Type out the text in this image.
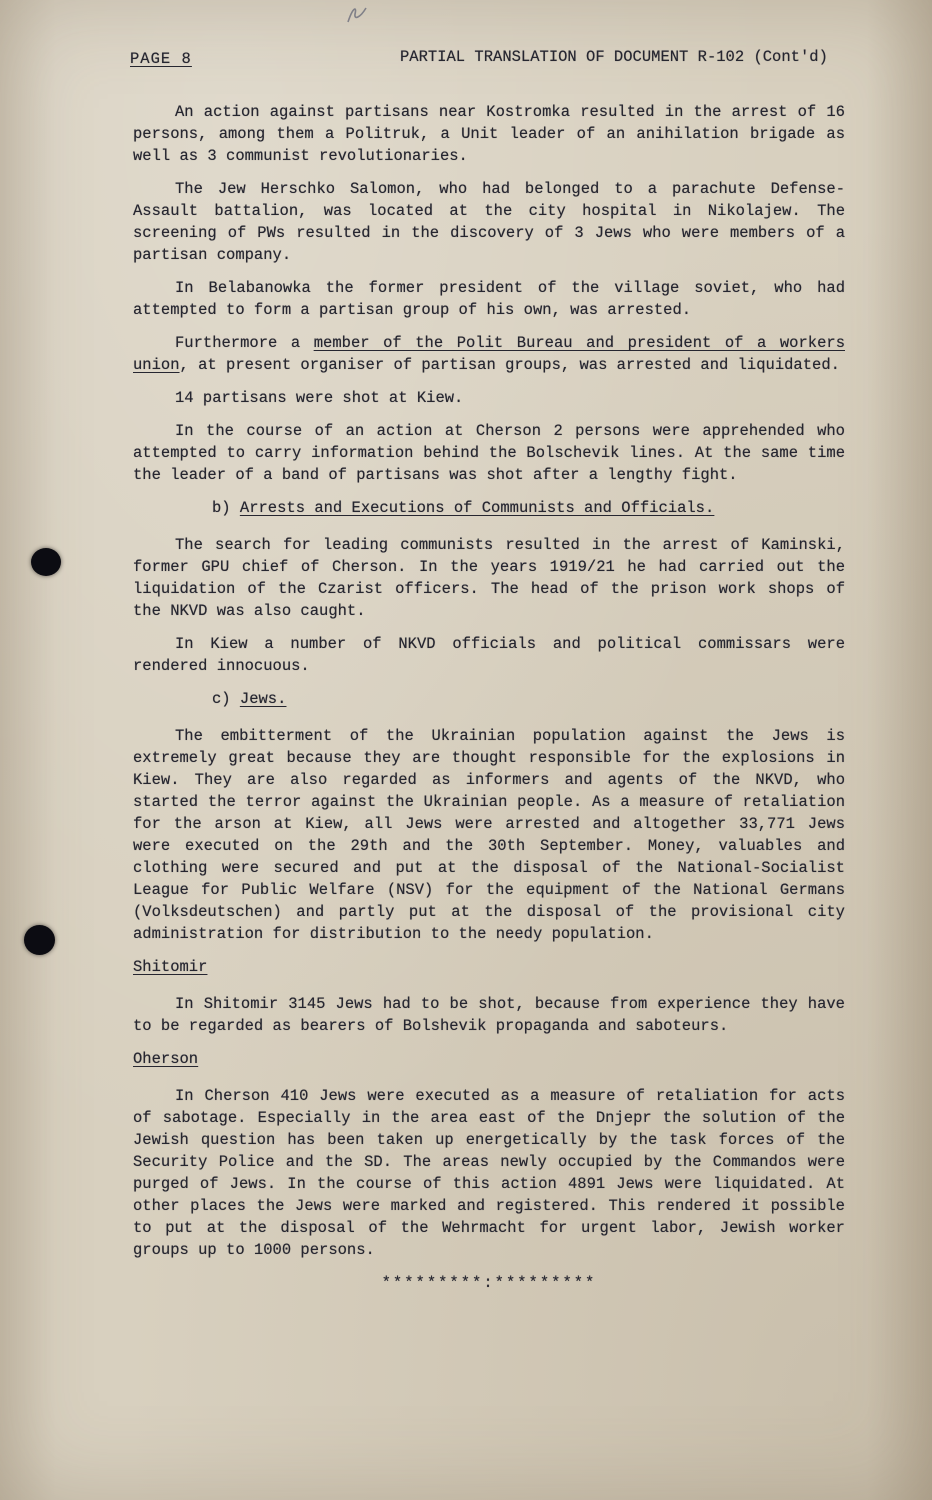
PAGE 8	PARTIAL TRANSLATION OF DOCUMENT R-102 (Cont'd)
An action against partisans near Kostromka resulted in the arrest of 16 persons, among them a Politruk, a Unit leader of an anihilation brigade as well as 3 communist revolutionaries.
The Jew Herschko Salomon, who had belonged to a parachute Defense-Assault battalion, was located at the city hospital in Nikolajew. The screening of PWs resulted in the discovery of 3 Jews who were members of a partisan company.
In Belabanowka the former president of the village soviet, who had attempted to form a partisan group of his own, was arrested.
Furthermore a member of the Polit Bureau and president of a workers union, at present organiser of partisan groups, was arrested and liquidated.
14 partisans were shot at Kiew.
In the course of an action at Cherson 2 persons were apprehended who attempted to carry information behind the Bolschevik lines. At the same time the leader of a band of partisans was shot after a lengthy fight.
b) Arrests and Executions of Communists and Officials.
The search for leading communists resulted in the arrest of Kaminski, former GPU chief of Cherson. In the years 1919/21 he had carried out the liquidation of the Czarist officers. The head of the prison work shops of the NKVD was also caught.
In Kiew a number of NKVD officials and political commissars were rendered innocuous.
c) Jews.
The embitterment of the Ukrainian population against the Jews is extremely great because they are thought responsible for the explosions in Kiew. They are also regarded as informers and agents of the NKVD, who started the terror against the Ukrainian people. As a measure of retaliation for the arson at Kiew, all Jews were arrested and altogether 33,771 Jews were executed on the 29th and the 30th September. Money, valuables and clothing were secured and put at the disposal of the National-Socialist League for Public Welfare (NSV) for the equipment of the National Germans (Volksdeutschen) and partly put at the disposal of the provisional city administration for distribution to the needy population.
Shitomir
In Shitomir 3145 Jews had to be shot, because from experience they have to be regarded as bearers of Bolshevik propaganda and saboteurs.
Oherson
In Cherson 410 Jews were executed as a measure of retaliation for acts of sabotage. Especially in the area east of the Dnjepr the solution of the Jewish question has been taken up energetically by the task forces of the Security Police and the SD. The areas newly occupied by the Commandos were purged of Jews. In the course of this action 4891 Jews were liquidated. At other places the Jews were marked and registered. This rendered it possible to put at the disposal of the Wehrmacht for urgent labor, Jewish worker groups up to 1000 persons.
*********:*********
